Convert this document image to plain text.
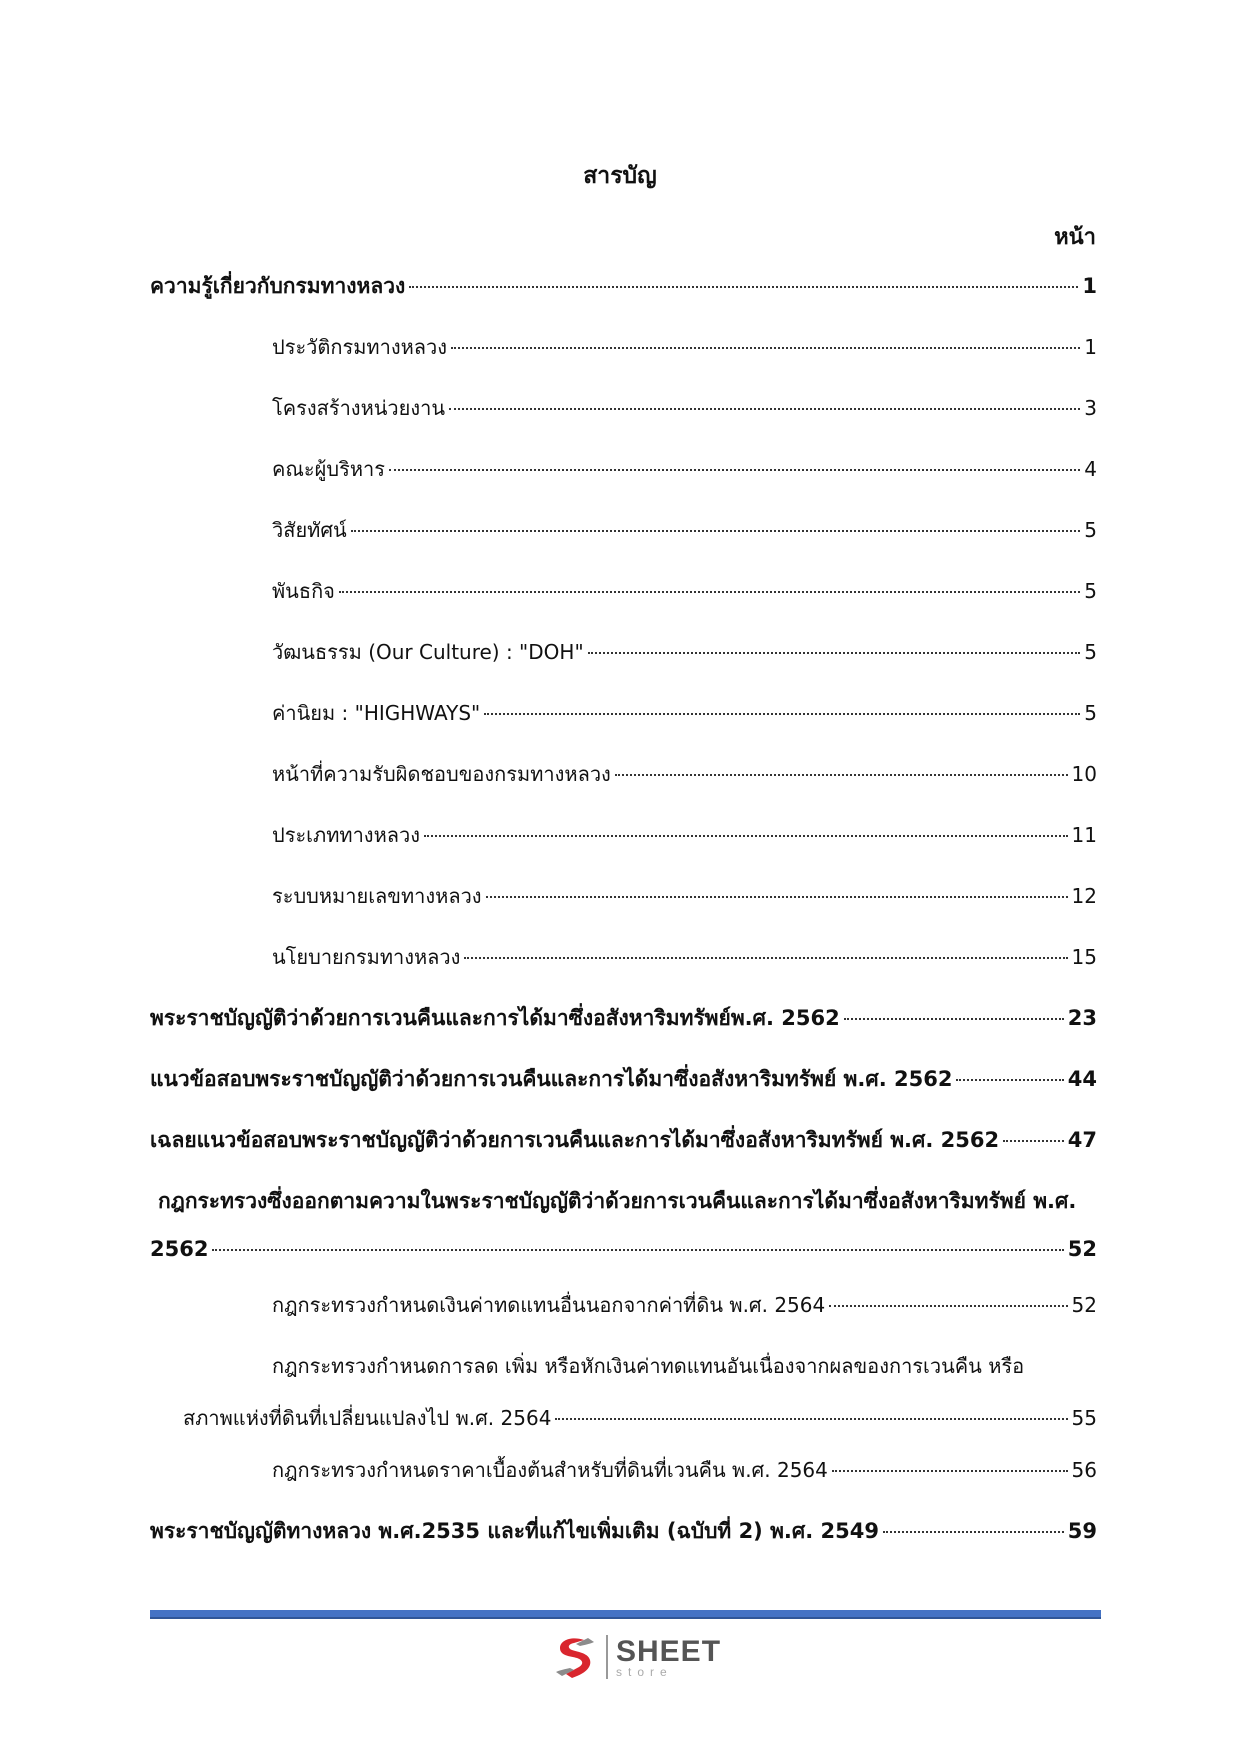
สารบัญ
หน้า
ความรู้เกี่ยวกับกรมทางหลวง	1
ประวัติกรมทางหลวง	1
โครงสร้างหน่วยงาน	3
คณะผู้บริหาร	4
วิสัยทัศน์	5
พันธกิจ	5
วัฒนธรรม (Our Culture) : "DOH"	5
ค่านิยม : "HIGHWAYS"	5
หน้าที่ความรับผิดชอบของกรมทางหลวง	10
ประเภททางหลวง	11
ระบบหมายเลขทางหลวง	12
นโยบายกรมทางหลวง	15
พระราชบัญญัติว่าด้วยการเวนคืนและการได้มาซึ่งอสังหาริมทรัพย์พ.ศ. 2562	23
แนวข้อสอบพระราชบัญญัติว่าด้วยการเวนคืนและการได้มาซึ่งอสังหาริมทรัพย์ พ.ศ. 2562	44
เฉลยแนวข้อสอบพระราชบัญญัติว่าด้วยการเวนคืนและการได้มาซึ่งอสังหาริมทรัพย์ พ.ศ. 2562	47
กฎกระทรวงซึ่งออกตามความในพระราชบัญญัติว่าด้วยการเวนคืนและการได้มาซึ่งอสังหาริมทรัพย์ พ.ศ.
2562	52
กฎกระทรวงกำหนดเงินค่าทดแทนอื่นนอกจากค่าที่ดิน พ.ศ. 2564	52
กฎกระทรวงกำหนดการลด เพิ่ม หรือหักเงินค่าทดแทนอันเนื่องจากผลของการเวนคืน หรือ
สภาพแห่งที่ดินที่เปลี่ยนแปลงไป พ.ศ. 2564	55
กฎกระทรวงกำหนดราคาเบื้องต้นสำหรับที่ดินที่เวนคืน พ.ศ. 2564	56
พระราชบัญญัติทางหลวง พ.ศ.2535 และที่แก้ไขเพิ่มเติม (ฉบับที่ 2) พ.ศ. 2549	59
SHEET
store
